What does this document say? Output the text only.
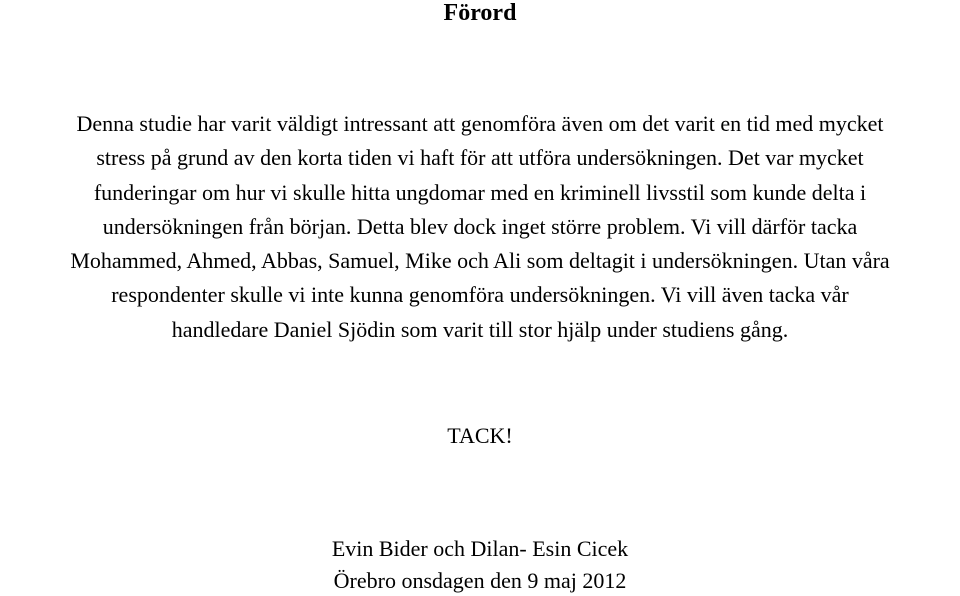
Förord
Denna studie har varit väldigt intressant att genomföra även om det varit en tid med mycket
stress på grund av den korta tiden vi haft för att utföra undersökningen. Det var mycket
funderingar om hur vi skulle hitta ungdomar med en kriminell livsstil som kunde delta i
undersökningen från början. Detta blev dock inget större problem. Vi vill därför tacka
Mohammed, Ahmed, Abbas, Samuel, Mike och Ali som deltagit i undersökningen. Utan våra
respondenter skulle vi inte kunna genomföra undersökningen. Vi vill även tacka vår
handledare Daniel Sjödin som varit till stor hjälp under studiens gång.
TACK!
Evin Bider och Dilan- Esin Cicek
Örebro onsdagen den 9 maj 2012
